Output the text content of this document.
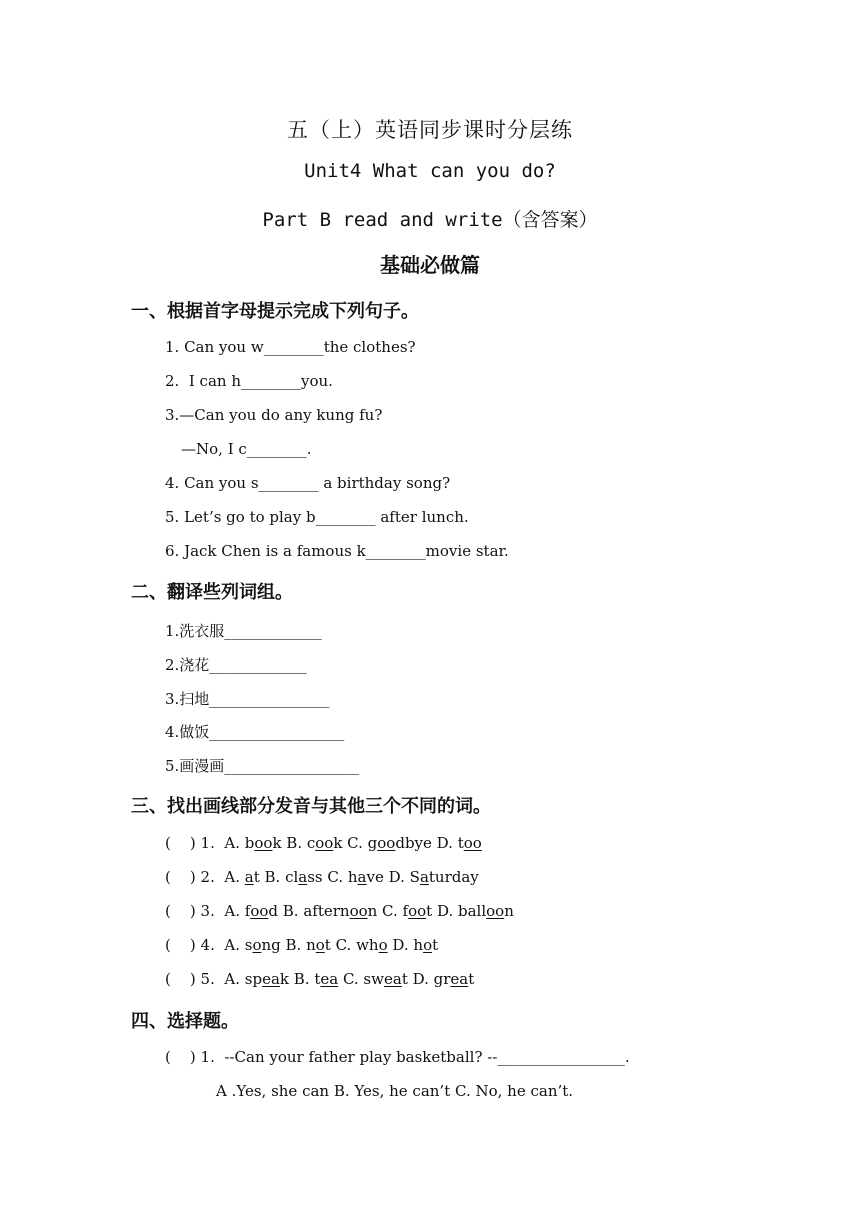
五（上）英语同步课时分层练
Unit4 What can you do?
Part B read and write（含答案）
基础必做篇
一、根据首字母提示完成下列句子。
1. Can you w________the clothes?
2.  I can h________you.
3.—Can you do any kung fu?
—No, I c________.
4. Can you s________ a birthday song?
5. Let’s go to play b________ after lunch.
6. Jack Chen is a famous k________movie star.
二、翻译些列词组。
1.洗衣服_____________
2.浇花_____________
3.扫地________________
4.做饭__________________
5.画漫画__________________
三、找出画线部分发音与其他三个不同的词。
(    ) 1.  A. book B. cook C. goodbye D. too
(    ) 2.  A. at B. class C. have D. Saturday
(    ) 3.  A. food B. afternoon C. foot D. balloon
(    ) 4.  A. song B. not C. who D. hot
(    ) 5.  A. speak B. tea C. sweat D. great
四、选择题。
(    ) 1.  --Can your father play basketball? --_________________.
A .Yes, she can B. Yes, he can’t C. No, he can’t.
